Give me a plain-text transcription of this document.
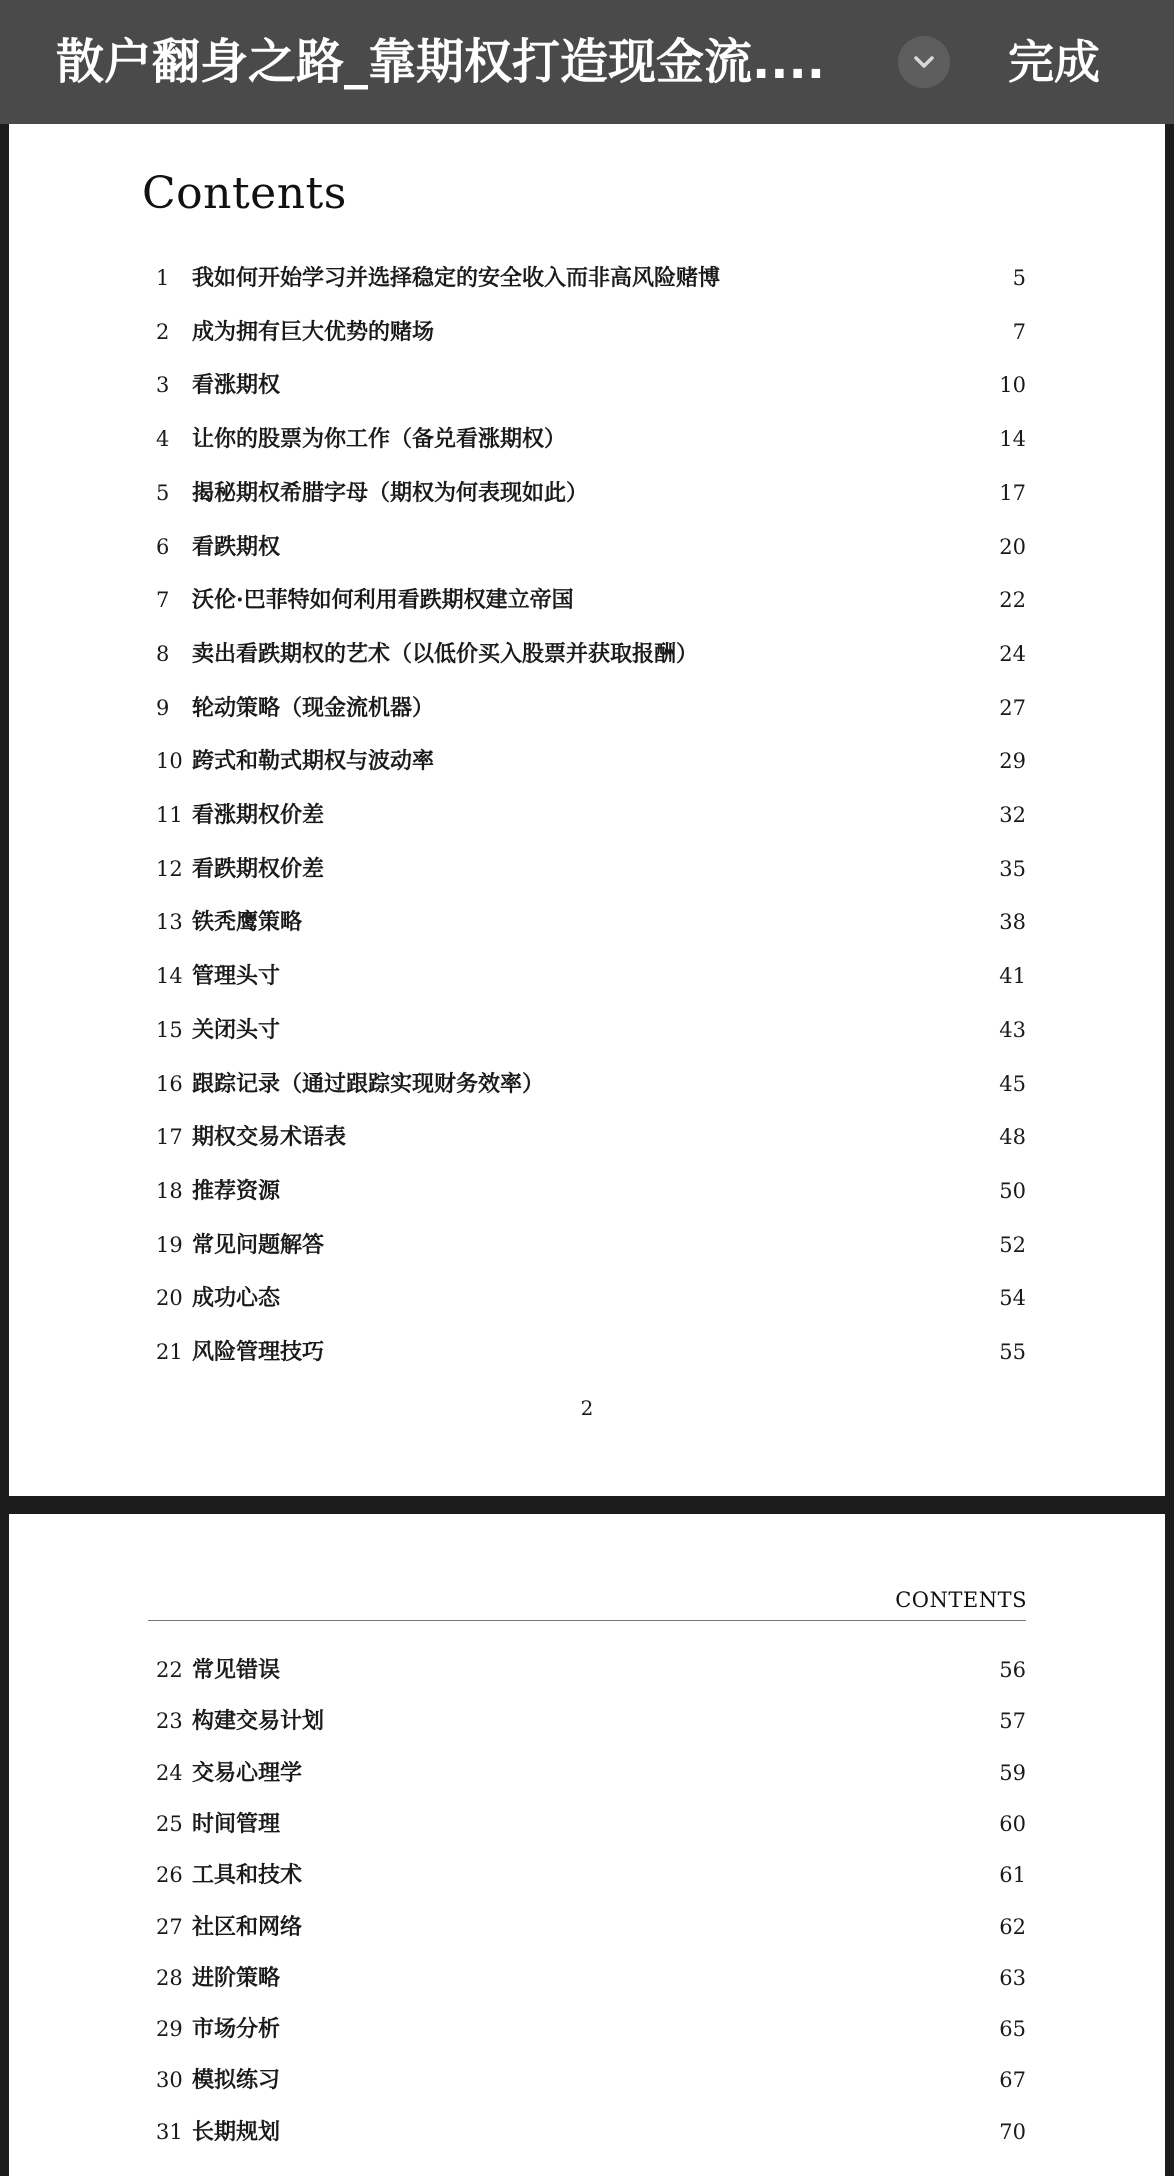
散户翻身之路_靠期权打造现金流....	完成
Contents
1 我如何开始学习并选择稳定的安全收入而非高风险赌博	5
2 成为拥有巨大优势的赌场	7
3 看涨期权	10
4 让你的股票为你工作（备兑看涨期权）	14
5 揭秘期权希腊字母（期权为何表现如此）	17
6 看跌期权	20
7 沃伦·巴菲特如何利用看跌期权建立帝国	22
8 卖出看跌期权的艺术（以低价买入股票并获取报酬）	24
9 轮动策略（现金流机器）	27
10 跨式和勒式期权与波动率	29
11 看涨期权价差	32
12 看跌期权价差	35
13 铁秃鹰策略	38
14 管理头寸	41
15 关闭头寸	43
16 跟踪记录（通过跟踪实现财务效率）	45
17 期权交易术语表	48
18 推荐资源	50
19 常见问题解答	52
20 成功心态	54
21 风险管理技巧	55
2
CONTENTS
22 常见错误	56
23 构建交易计划	57
24 交易心理学	59
25 时间管理	60
26 工具和技术	61
27 社区和网络	62
28 进阶策略	63
29 市场分析	65
30 模拟练习	67
31 长期规划	70
